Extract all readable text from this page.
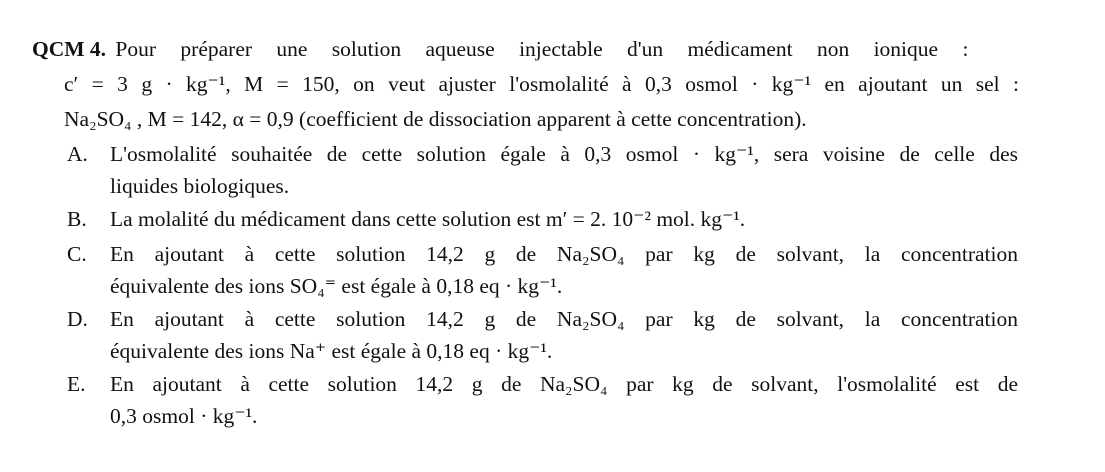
QCM 4. Pour préparer une solution aqueuse injectable d'un médicament non ionique :
c′ = 3 g · kg⁻¹, M = 150, on veut ajuster l'osmolalité à 0,3 osmol · kg⁻¹ en ajoutant un sel :
Na₂SO₄ , M = 142, α = 0,9 (coefficient de dissociation apparent à cette concentration).
A. L'osmolalité souhaitée de cette solution égale à 0,3 osmol · kg⁻¹, sera voisine de celle des
liquides biologiques.
B. La molalité du médicament dans cette solution est m′ = 2. 10⁻² mol. kg⁻¹.
C. En ajoutant à cette solution 14,2 g de Na₂SO₄ par kg de solvant, la concentration
équivalente des ions SO₄⁼ est égale à 0,18 eq · kg⁻¹.
D. En ajoutant à cette solution 14,2 g de Na₂SO₄ par kg de solvant, la concentration
équivalente des ions Na⁺ est égale à 0,18 eq · kg⁻¹.
E. En ajoutant à cette solution 14,2 g de Na₂SO₄ par kg de solvant, l'osmolalité est de
0,3 osmol · kg⁻¹.
